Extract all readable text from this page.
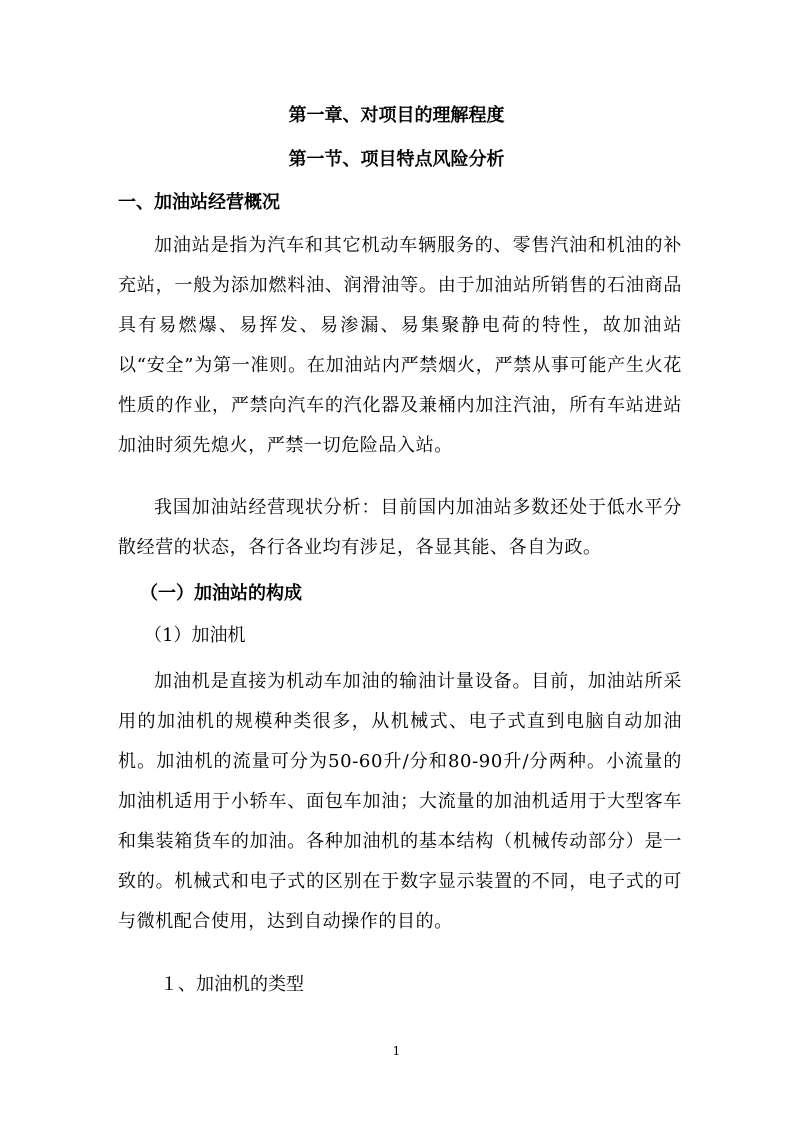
第一章、对项目的理解程度
第一节、项目特点风险分析
一、加油站经营概况

加油站是指为汽车和其它机动车辆服务的、零售汽油和机油的补充站，一般为添加燃料油、润滑油等。由于加油站所销售的石油商品具有易燃爆、易挥发、易渗漏、易集聚静电荷的特性，故加油站以“安全”为第一准则。在加油站内严禁烟火，严禁从事可能产生火花性质的作业，严禁向汽车的汽化器及兼桶内加注汽油，所有车站进站加油时须先熄火，严禁一切危险品入站。

我国加油站经营现状分析：目前国内加油站多数还处于低水平分散经营的状态，各行各业均有涉足，各显其能、各自为政。

（一）加油站的构成
（1）加油机

加油机是直接为机动车加油的输油计量设备。目前，加油站所采用的加油机的规模种类很多，从机械式、电子式直到电脑自动加油机。加油机的流量可分为50-60升/分和80-90升/分两种。小流量的加油机适用于小轿车、面包车加油；大流量的加油机适用于大型客车和集装箱货车的加油。各种加油机的基本结构（机械传动部分）是一致的。机械式和电子式的区别在于数字显示装置的不同，电子式的可与微机配合使用，达到自动操作的目的。

１、加油机的类型
1
